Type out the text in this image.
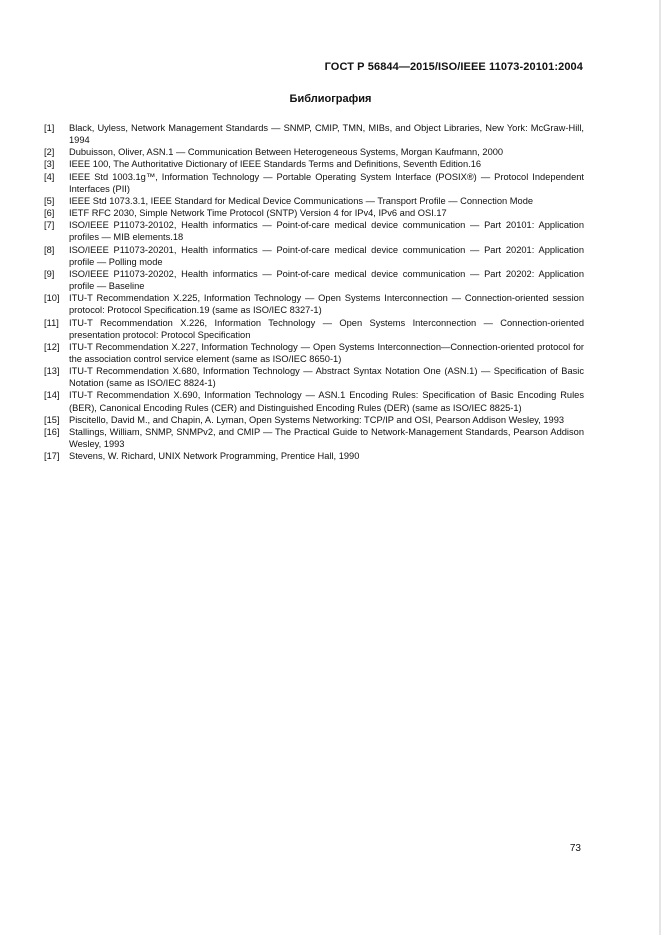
ГОСТ Р 56844—2015/ISO/IEEE 11073-20101:2004
Библиография
[1]	Black, Uyless, Network Management Standards — SNMP, CMIP, TMN, MIBs, and Object Libraries, New York: McGraw-Hill, 1994
[2]	Dubuisson, Oliver, ASN.1 — Communication Between Heterogeneous Systems, Morgan Kaufmann, 2000
[3]	IEEE 100, The Authoritative Dictionary of IEEE Standards Terms and Definitions, Seventh Edition.16
[4]	IEEE Std 1003.1g™, Information Technology — Portable Operating System Interface (POSIX®) — Protocol Independent Interfaces (PII)
[5]	IEEE Std 1073.3.1, IEEE Standard for Medical Device Communications — Transport Profile — Connection Mode
[6]	IETF RFC 2030, Simple Network Time Protocol (SNTP) Version 4 for IPv4, IPv6 and OSI.17
[7]	ISO/IEEE P11073-20102, Health informatics — Point-of-care medical device communication — Part 20101: Application profiles — MIB elements.18
[8]	ISO/IEEE P11073-20201, Health informatics — Point-of-care medical device communication — Part 20201: Application profile — Polling mode
[9]	ISO/IEEE P11073-20202, Health informatics — Point-of-care medical device communication — Part 20202: Application profile — Baseline
[10]	ITU-T Recommendation X.225, Information Technology — Open Systems Interconnection — Connection-oriented session protocol: Protocol Specification.19 (same as ISO/IEC 8327-1)
[11]	ITU-T Recommendation X.226, Information Technology — Open Systems Interconnection — Connection-oriented presentation protocol: Protocol Specification
[12]	ITU-T Recommendation X.227, Information Technology — Open Systems Interconnection—Connection-oriented protocol for the association control service element (same as ISO/IEC 8650-1)
[13]	ITU-T Recommendation X.680, Information Technology — Abstract Syntax Notation One (ASN.1) — Specification of Basic Notation (same as ISO/IEC 8824-1)
[14]	ITU-T Recommendation X.690, Information Technology — ASN.1 Encoding Rules: Specification of Basic Encoding Rules (BER), Canonical Encoding Rules (CER) and Distinguished Encoding Rules (DER) (same as ISO/IEC 8825-1)
[15]	Piscitello, David M., and Chapin, A. Lyman, Open Systems Networking: TCP/IP and OSI, Pearson Addison Wesley, 1993
[16]	Stallings, William, SNMP, SNMPv2, and CMIP — The Practical Guide to Network-Management Standards, Pearson Addison Wesley, 1993
[17]	Stevens, W. Richard, UNIX Network Programming, Prentice Hall, 1990
73
